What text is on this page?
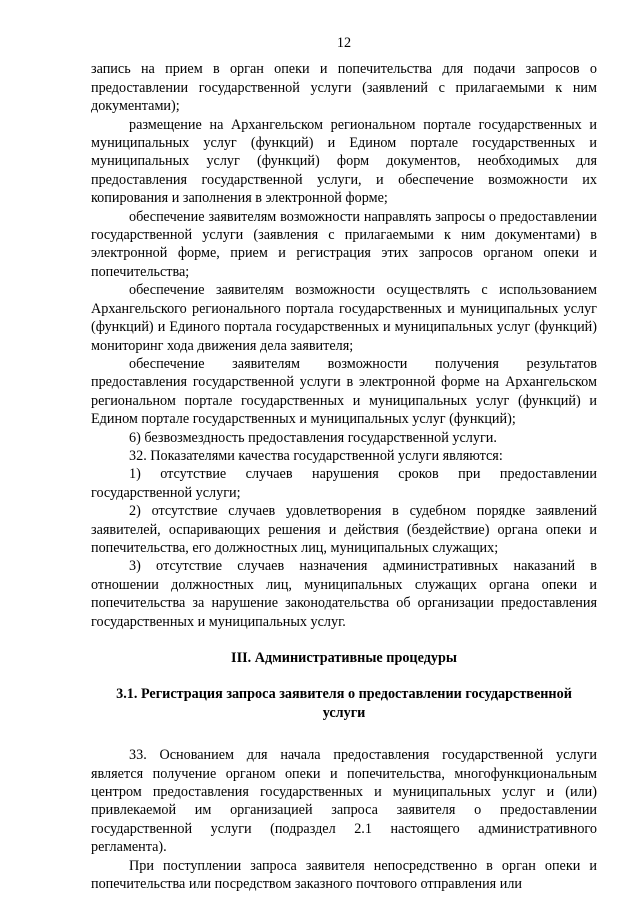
12

запись на прием в орган опеки и попечительства для подачи запросов о предоставлении государственной услуги (заявлений с прилагаемыми к ним документами);

размещение на Архангельском региональном портале государственных и муниципальных услуг (функций) и Едином портале государственных и муниципальных услуг (функций) форм документов, необходимых для предоставления государственной услуги, и обеспечение возможности их копирования и заполнения в электронной форме;

обеспечение заявителям возможности направлять запросы о предоставлении государственной услуги (заявления с прилагаемыми к ним документами) в электронной форме, прием и регистрация этих запросов органом опеки и попечительства;

обеспечение заявителям возможности осуществлять с использованием Архангельского регионального портала государственных и муниципальных услуг (функций) и Единого портала государственных и муниципальных услуг (функций) мониторинг хода движения дела заявителя;

обеспечение заявителям возможности получения результатов предоставления государственной услуги в электронной форме на Архангельском региональном портале государственных и муниципальных услуг (функций) и Едином портале государственных и муниципальных услуг (функций);

6) безвозмездность предоставления государственной услуги.

32. Показателями качества государственной услуги являются:

1) отсутствие случаев нарушения сроков при предоставлении государственной услуги;

2) отсутствие случаев удовлетворения в судебном порядке заявлений заявителей, оспаривающих решения и действия (бездействие) органа опеки и попечительства, его должностных лиц, муниципальных служащих;

3) отсутствие случаев назначения административных наказаний в отношении должностных лиц, муниципальных служащих органа опеки и попечительства за нарушение законодательства об организации предоставления государственных и муниципальных услуг.

III. Административные процедуры
3.1. Регистрация запроса заявителя о предоставлении государственной услуги

33. Основанием для начала предоставления государственной услуги является получение органом опеки и попечительства, многофункциональным центром предоставления государственных и муниципальных услуг и (или) привлекаемой им организацией запроса заявителя о предоставлении государственной услуги (подраздел 2.1 настоящего административного регламента).

При поступлении запроса заявителя непосредственно в орган опеки и попечительства или посредством заказного почтового отправления или
